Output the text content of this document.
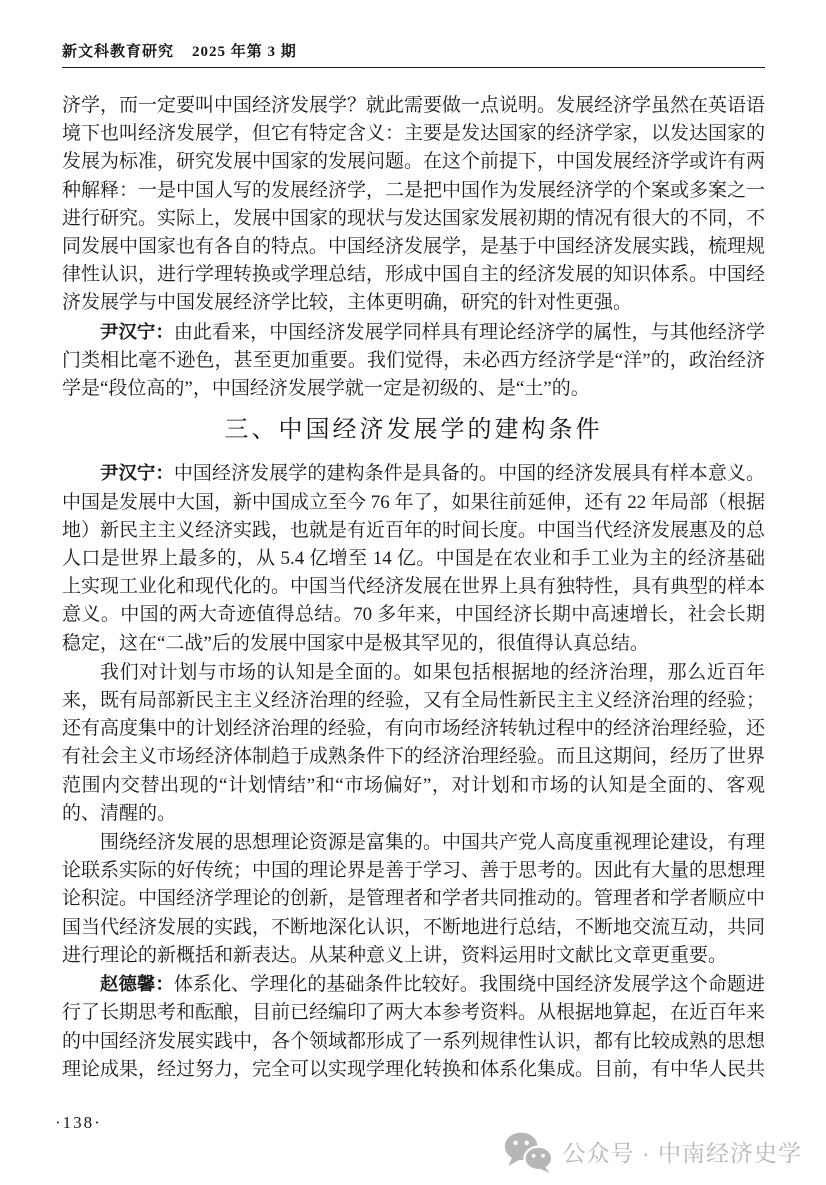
新文科教育研究 2025 年第 3 期

济学，而一定要叫中国经济发展学？就此需要做一点说明。发展经济学虽然在英语语境下也叫经济发展学，但它有特定含义：主要是发达国家的经济学家，以发达国家的发展为标准，研究发展中国家的发展问题。在这个前提下，中国发展经济学或许有两种解释：一是中国人写的发展经济学，二是把中国作为发展经济学的个案或多案之一进行研究。实际上，发展中国家的现状与发达国家发展初期的情况有很大的不同，不同发展中国家也有各自的特点。中国经济发展学，是基于中国经济发展实践，梳理规律性认识，进行学理转换或学理总结，形成中国自主的经济发展的知识体系。中国经济发展学与中国发展经济学比较，主体更明确，研究的针对性更强。

尹汉宁：由此看来，中国经济发展学同样具有理论经济学的属性，与其他经济学门类相比毫不逊色，甚至更加重要。我们觉得，未必西方经济学是“洋”的，政治经济学是“段位高的”，中国经济发展学就一定是初级的、是“土”的。

三、中国经济发展学的建构条件

尹汉宁：中国经济发展学的建构条件是具备的。中国的经济发展具有样本意义。中国是发展中大国，新中国成立至今 76 年了，如果往前延伸，还有 22 年局部（根据地）新民主主义经济实践，也就是有近百年的时间长度。中国当代经济发展惠及的总人口是世界上最多的，从 5.4 亿增至 14 亿。中国是在农业和手工业为主的经济基础上实现工业化和现代化的。中国当代经济发展在世界上具有独特性，具有典型的样本意义。中国的两大奇迹值得总结。70 多年来，中国经济长期中高速增长，社会长期稳定，这在“二战”后的发展中国家中是极其罕见的，很值得认真总结。

我们对计划与市场的认知是全面的。如果包括根据地的经济治理，那么近百年来，既有局部新民主主义经济治理的经验，又有全局性新民主主义经济治理的经验；还有高度集中的计划经济治理的经验，有向市场经济转轨过程中的经济治理经验，还有社会主义市场经济体制趋于成熟条件下的经济治理经验。而且这期间，经历了世界范围内交替出现的“计划情结”和“市场偏好”，对计划和市场的认知是全面的、客观的、清醒的。

围绕经济发展的思想理论资源是富集的。中国共产党人高度重视理论建设，有理论联系实际的好传统；中国的理论界是善于学习、善于思考的。因此有大量的思想理论积淀。中国经济学理论的创新，是管理者和学者共同推动的。管理者和学者顺应中国当代经济发展的实践，不断地深化认识，不断地进行总结，不断地交流互动，共同进行理论的新概括和新表达。从某种意义上讲，资料运用时文献比文章更重要。

赵德馨：体系化、学理化的基础条件比较好。我围绕中国经济发展学这个命题进行了长期思考和酝酿，目前已经编印了两大本参考资料。从根据地算起，在近百年来的中国经济发展实践中，各个领域都形成了一系列规律性认识，都有比较成熟的思想理论成果，经过努力，完全可以实现学理化转换和体系化集成。目前，有中华人民共

·138·
公众号 · 中南经济史学
